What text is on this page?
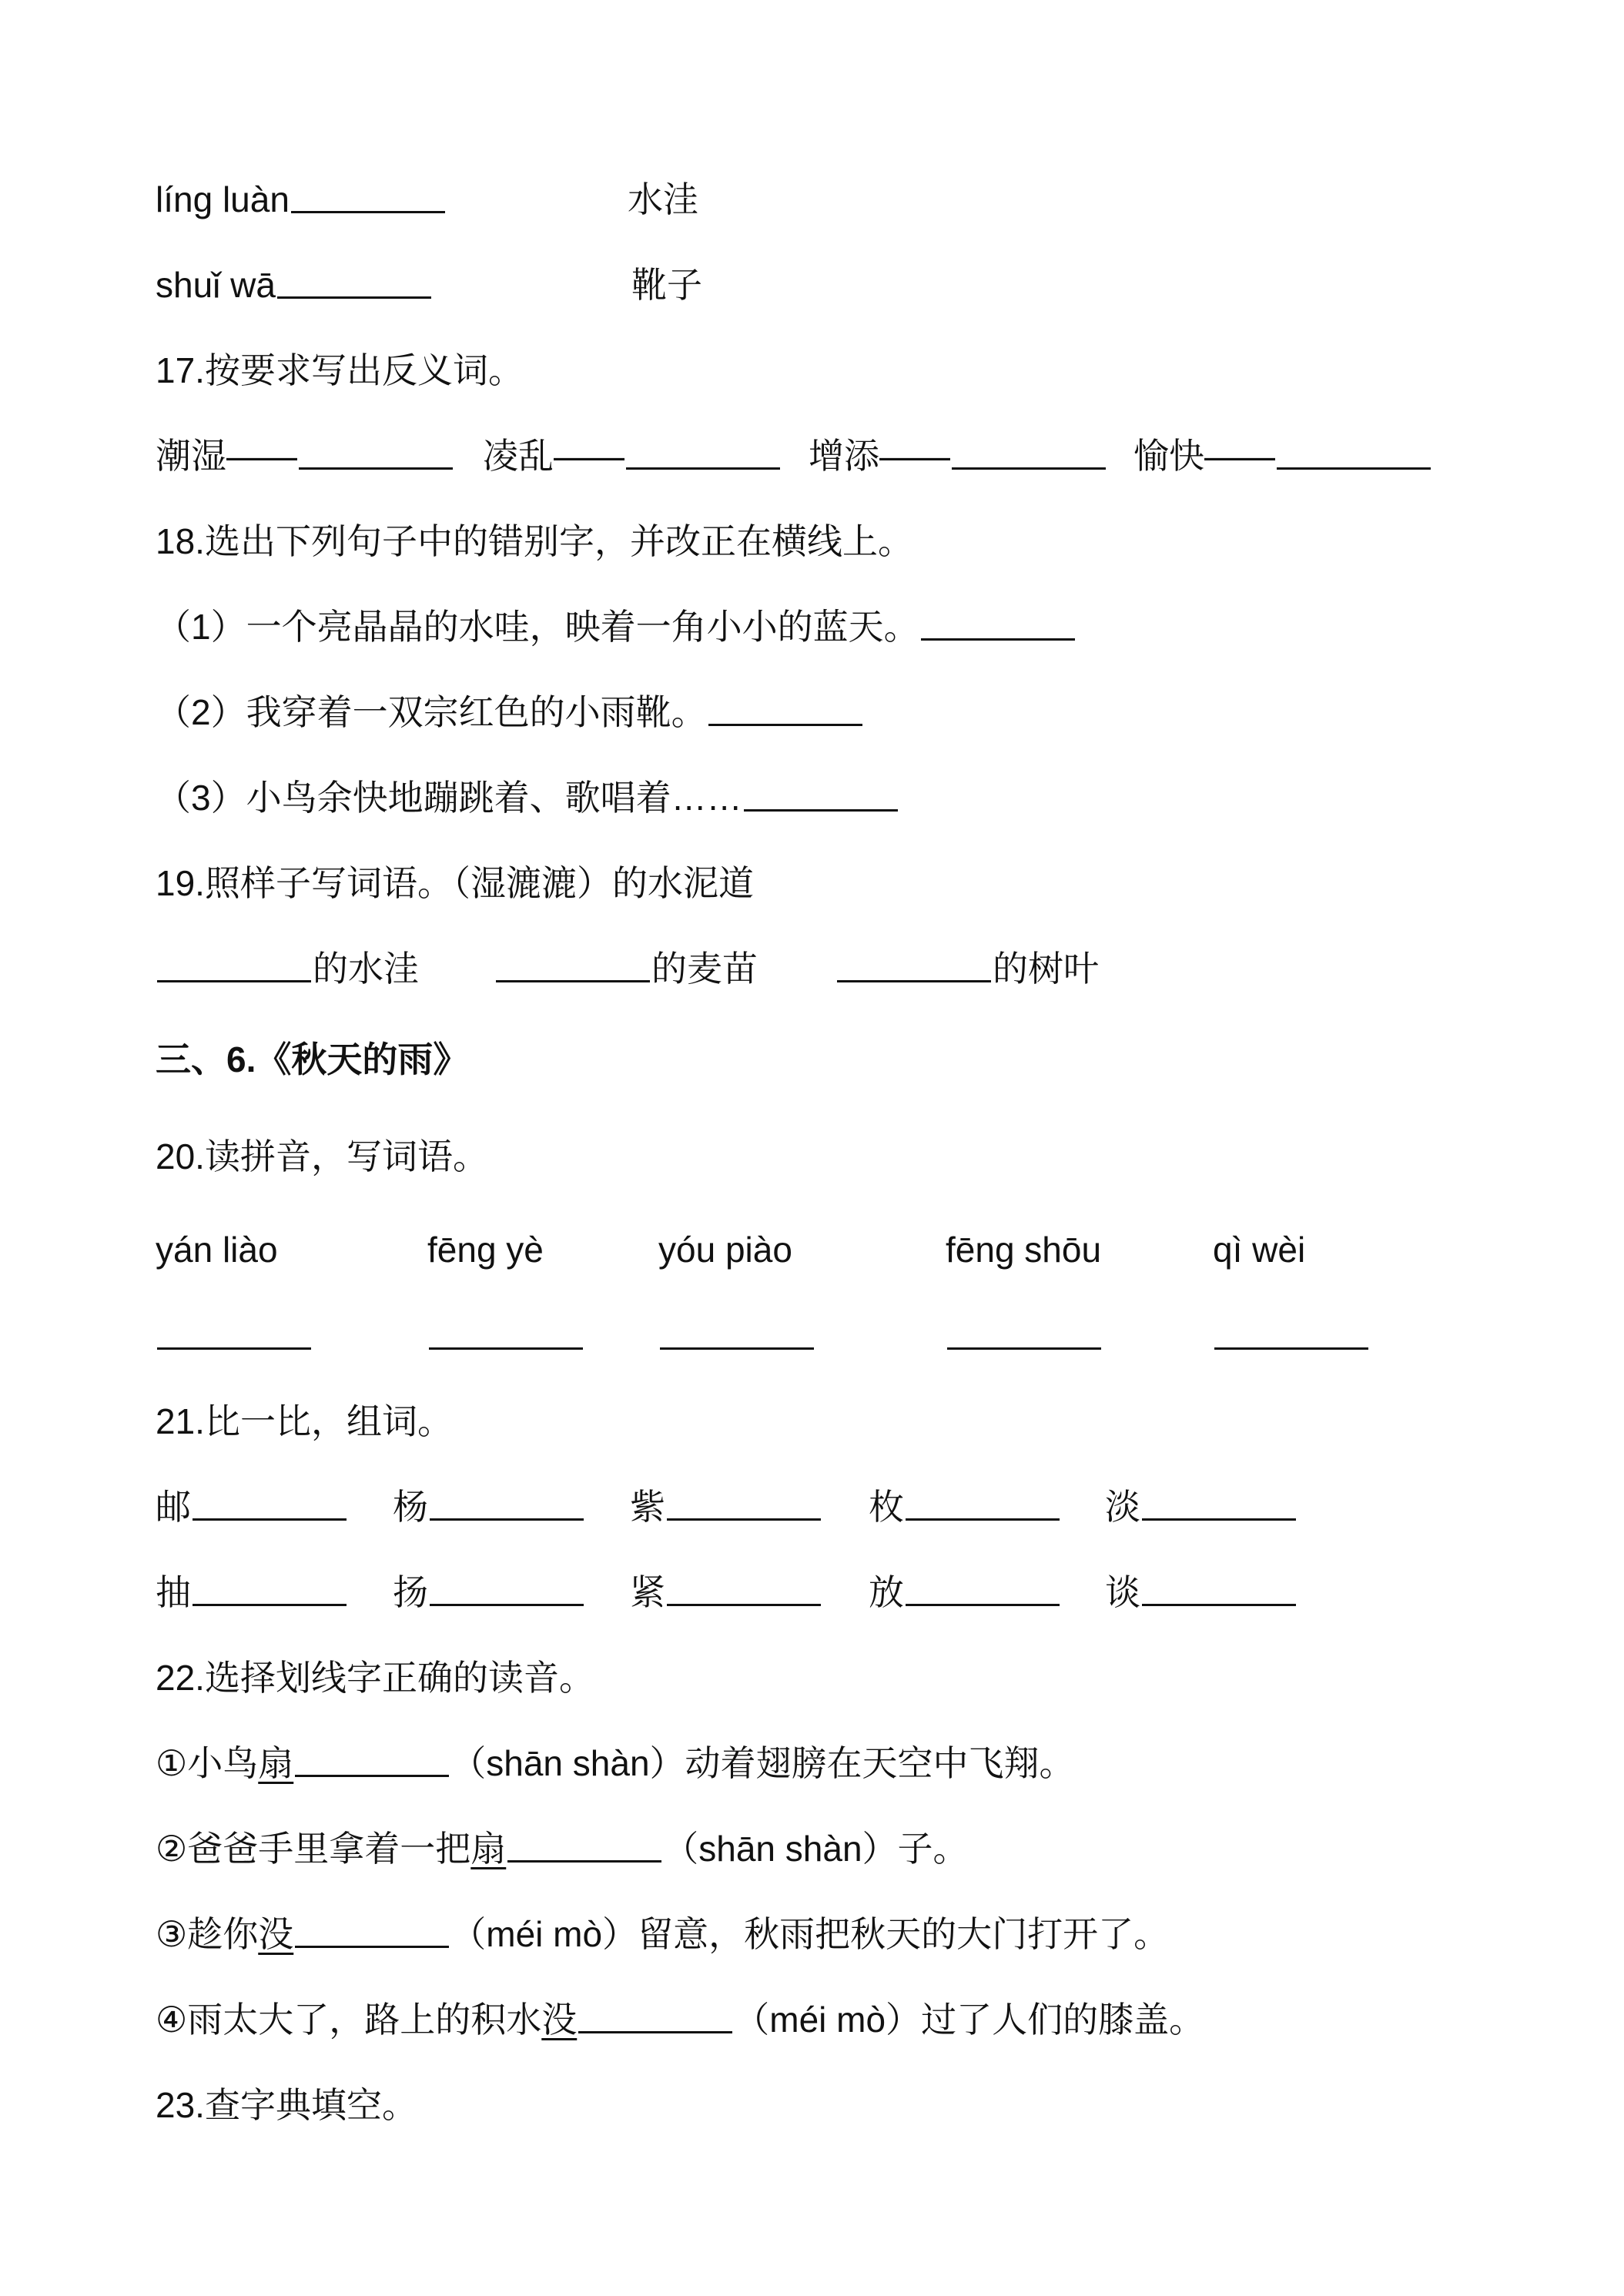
líng luàn	水洼
shuǐ wā	靴子
17.按要求写出反义词。
潮湿——	凌乱——	增添——	愉快——
18.选出下列句子中的错别字，并改正在横线上。
（1）一个亮晶晶的水哇，映着一角小小的蓝天。
（2）我穿着一双宗红色的小雨靴。
（3）小鸟余快地蹦跳着、歌唱着……
19.照样子写词语。（湿漉漉）的水泥道
的水洼	的麦苗	的树叶
三、6.《秋天的雨》
20.读拼音，写词语。
yán liào	fēng yè	yóu piào	fēng shōu	qì wèi
21.比一比，组词。
邮	杨	紫	枚	淡
抽	扬	紧	放	谈
22.选择划线字正确的读音。
①小鸟扇	（shān shàn）动着翅膀在天空中飞翔。
②爸爸手里拿着一把扇	（shān shàn）子。
③趁你没	（méi mò）留意，秋雨把秋天的大门打开了。
④雨太大了，路上的积水没	（méi mò）过了人们的膝盖。
23.查字典填空。
